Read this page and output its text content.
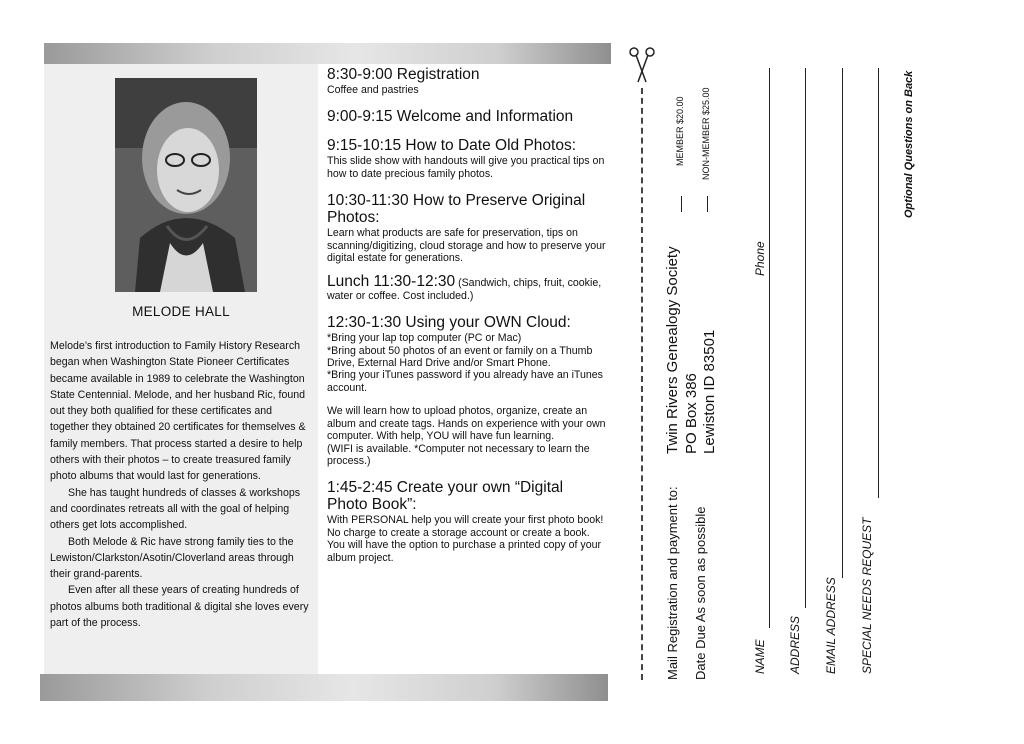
MELODE HALL

Melode’s first introduction to Family History Research began when Washington State Pioneer Certificates became available in 1989 to celebrate the Washington State Centennial. Melode, and her husband Ric, found out they both qualified for these certificates and together they obtained 20 certificates for themselves & family members. That process started a desire to help others with their photos – to create treasured family photo albums that would last for generations.

She has taught hundreds of classes & workshops and coordinates retreats all with the goal of helping others get lots accomplished.

Both Melode & Ric have strong family ties to the Lewiston/Clarkston/Asotin/Cloverland areas through their grand-parents.

Even after all these years of creating hundreds of photos albums both traditional & digital she loves every part of the process.

8:30-9:00 Registration

Coffee and pastries

9:00-9:15 Welcome and Information
9:15-10:15 How to Date Old Photos:

This slide show with handouts will give you practical tips on how to date precious family photos.

10:30-11:30 How to Preserve Original Photos:

Learn what products are safe for preservation, tips on scanning/digitizing, cloud storage and how to preserve your digital estate for generations.

Lunch 11:30-12:30 (Sandwich, chips, fruit, cookie, water or coffee. Cost included.)
12:30-1:30 Using your OWN Cloud:

*Bring your lap top computer (PC or Mac)

*Bring about 50 photos of an event or family on a Thumb Drive, External Hard Drive and/or Smart Phone.

*Bring your iTunes password if you already have an iTunes account.

We will learn how to upload photos, organize, create an album and create tags. Hands on experience with your own computer. With help, YOU will have fun learning.

(WIFI is available. *Computer not necessary to learn the process.)

1:45-2:45 Create your own “Digital Photo Book”:

With PERSONAL help you will create your first photo book! No charge to create a storage account or create a book. You will have the option to purchase a printed copy of your album project.	Mail Registration and payment to: Date Due As soon as possible
Twin Rivers Genealogy Society PO Box 386 Lewiston ID 83501
MEMBER $20.00 NON-MEMBER $25.00
NAME
Phone
ADDRESS EMAIL ADDRESS SPECIAL NEEDS REQUEST
Optional Questions on Back
